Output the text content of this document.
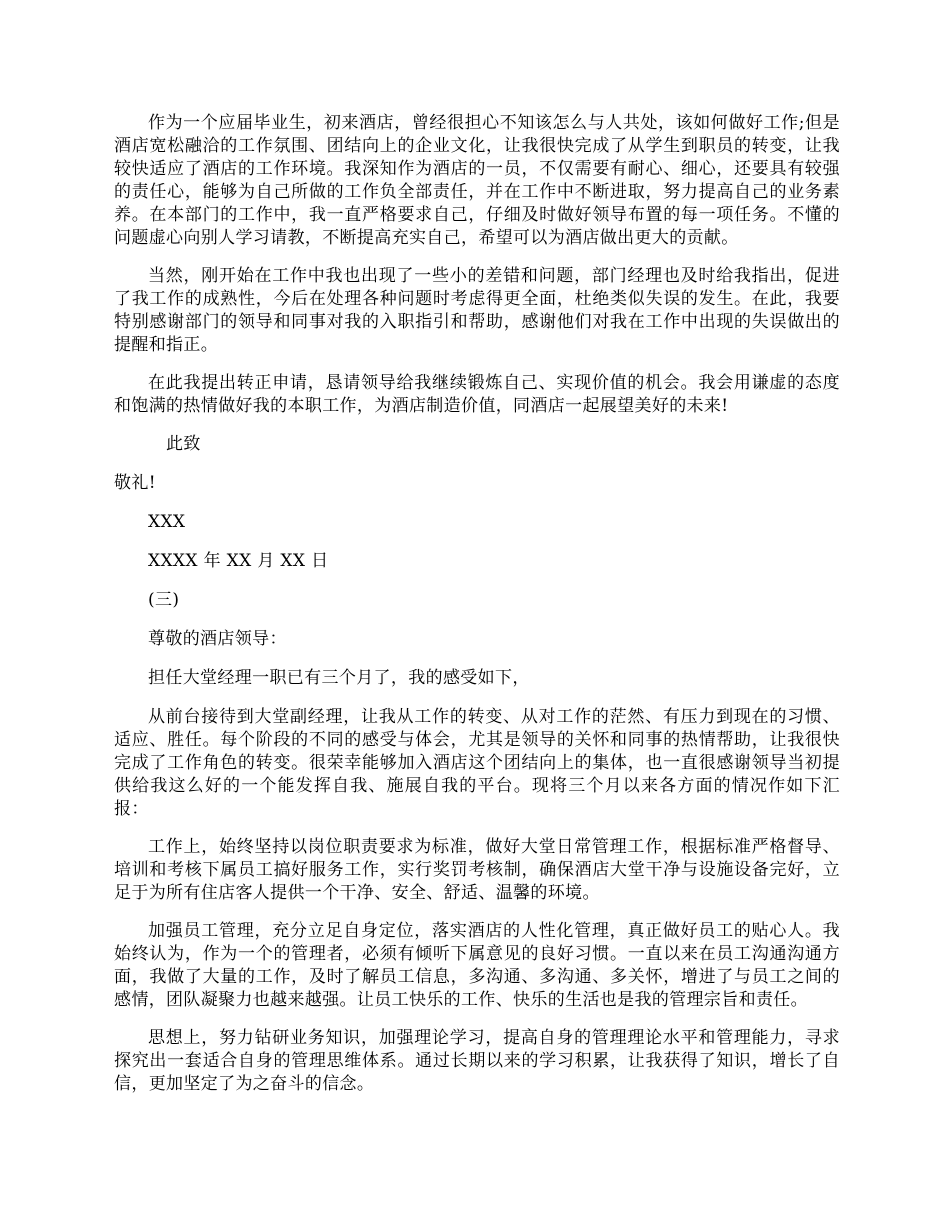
作为一个应届毕业生，初来酒店，曾经很担心不知该怎么与人共处，该如何做好工作;但是酒店宽松融洽的工作氛围、团结向上的企业文化，让我很快完成了从学生到职员的转变，让我较快适应了酒店的工作环境。我深知作为酒店的一员，不仅需要有耐心、细心，还要具有较强的责任心，能够为自己所做的工作负全部责任，并在工作中不断进取，努力提高自己的业务素养。在本部门的工作中，我一直严格要求自己，仔细及时做好领导布置的每一项任务。不懂的问题虚心向别人学习请教，不断提高充实自己，希望可以为酒店做出更大的贡献。

当然，刚开始在工作中我也出现了一些小的差错和问题，部门经理也及时给我指出，促进了我工作的成熟性，今后在处理各种问题时考虑得更全面，杜绝类似失误的发生。在此，我要特别感谢部门的领导和同事对我的入职指引和帮助，感谢他们对我在工作中出现的失误做出的提醒和指正。

在此我提出转正申请，恳请领导给我继续锻炼自己、实现价值的机会。我会用谦虚的态度和饱满的热情做好我的本职工作，为酒店制造价值，同酒店一起展望美好的未来!

此致

敬礼!

XXX

XXXX 年 XX 月 XX 日

(三)

尊敬的酒店领导：

担任大堂经理一职已有三个月了，我的感受如下，

从前台接待到大堂副经理，让我从工作的转变、从对工作的茫然、有压力到现在的习惯、适应、胜任。每个阶段的不同的感受与体会，尤其是领导的关怀和同事的热情帮助，让我很快完成了工作角色的转变。很荣幸能够加入酒店这个团结向上的集体，也一直很感谢领导当初提供给我这么好的一个能发挥自我、施展自我的平台。现将三个月以来各方面的情况作如下汇报：

工作上，始终坚持以岗位职责要求为标准，做好大堂日常管理工作，根据标准严格督导、培训和考核下属员工搞好服务工作，实行奖罚考核制，确保酒店大堂干净与设施设备完好，立足于为所有住店客人提供一个干净、安全、舒适、温馨的环境。

加强员工管理，充分立足自身定位，落实酒店的人性化管理，真正做好员工的贴心人。我始终认为，作为一个的管理者，必须有倾听下属意见的良好习惯。一直以来在员工沟通沟通方面，我做了大量的工作，及时了解员工信息，多沟通、多沟通、多关怀，增进了与员工之间的感情，团队凝聚力也越来越强。让员工快乐的工作、快乐的生活也是我的管理宗旨和责任。

思想上，努力钻研业务知识，加强理论学习，提高自身的管理理论水平和管理能力，寻求探究出一套适合自身的管理思维体系。通过长期以来的学习积累，让我获得了知识，增长了自信，更加坚定了为之奋斗的信念。
